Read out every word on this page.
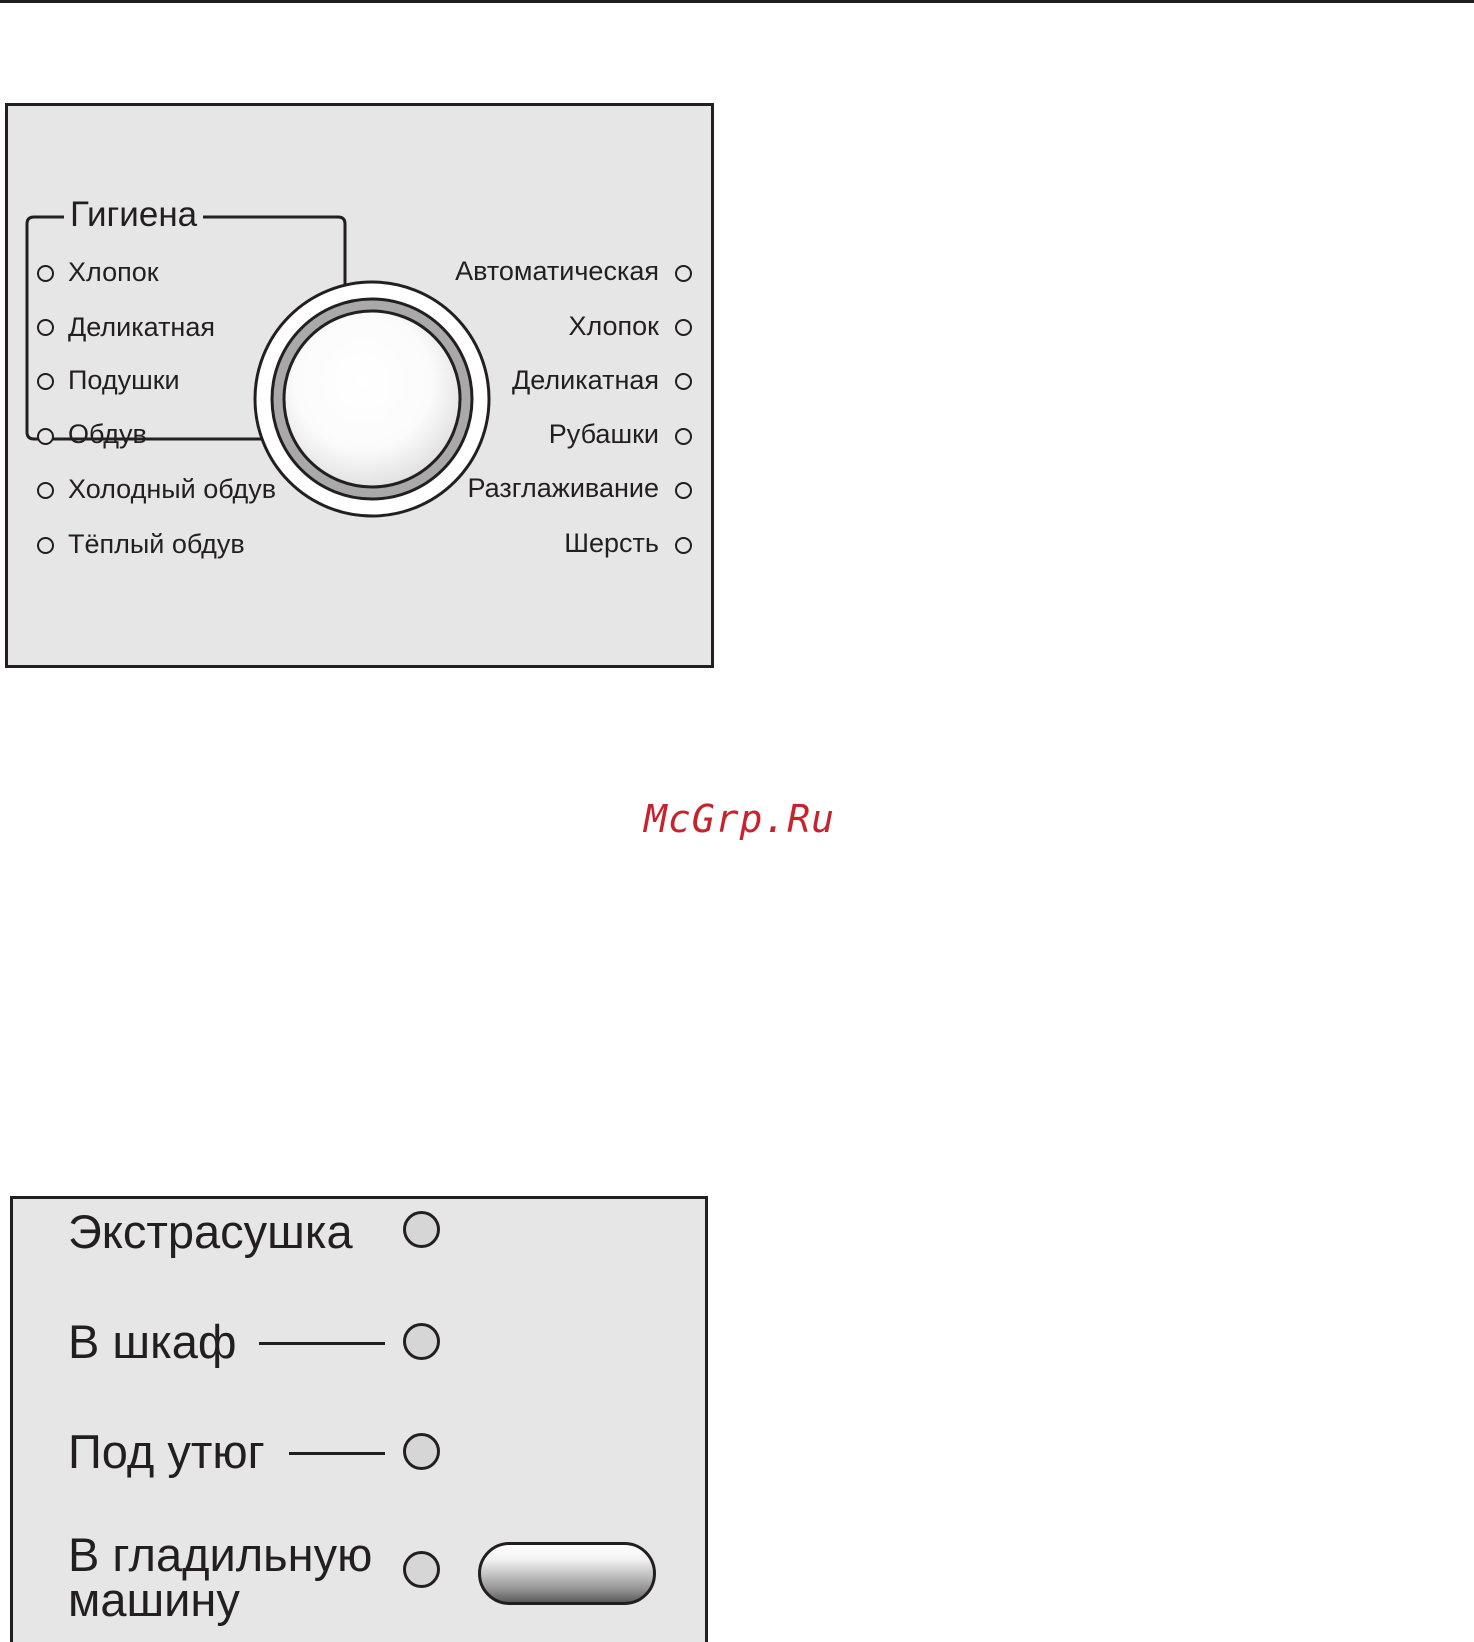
Гигиена
Хлопок
Деликатная
Подушки
Обдув
Холодный обдув
Тёплый обдув
Автоматическая
Хлопок
Деликатная
Рубашки
Разглаживание
Шерсть
McGrp.Ru
Экстрасушка
В шкаф
Под утюг
В гладильную
машину
